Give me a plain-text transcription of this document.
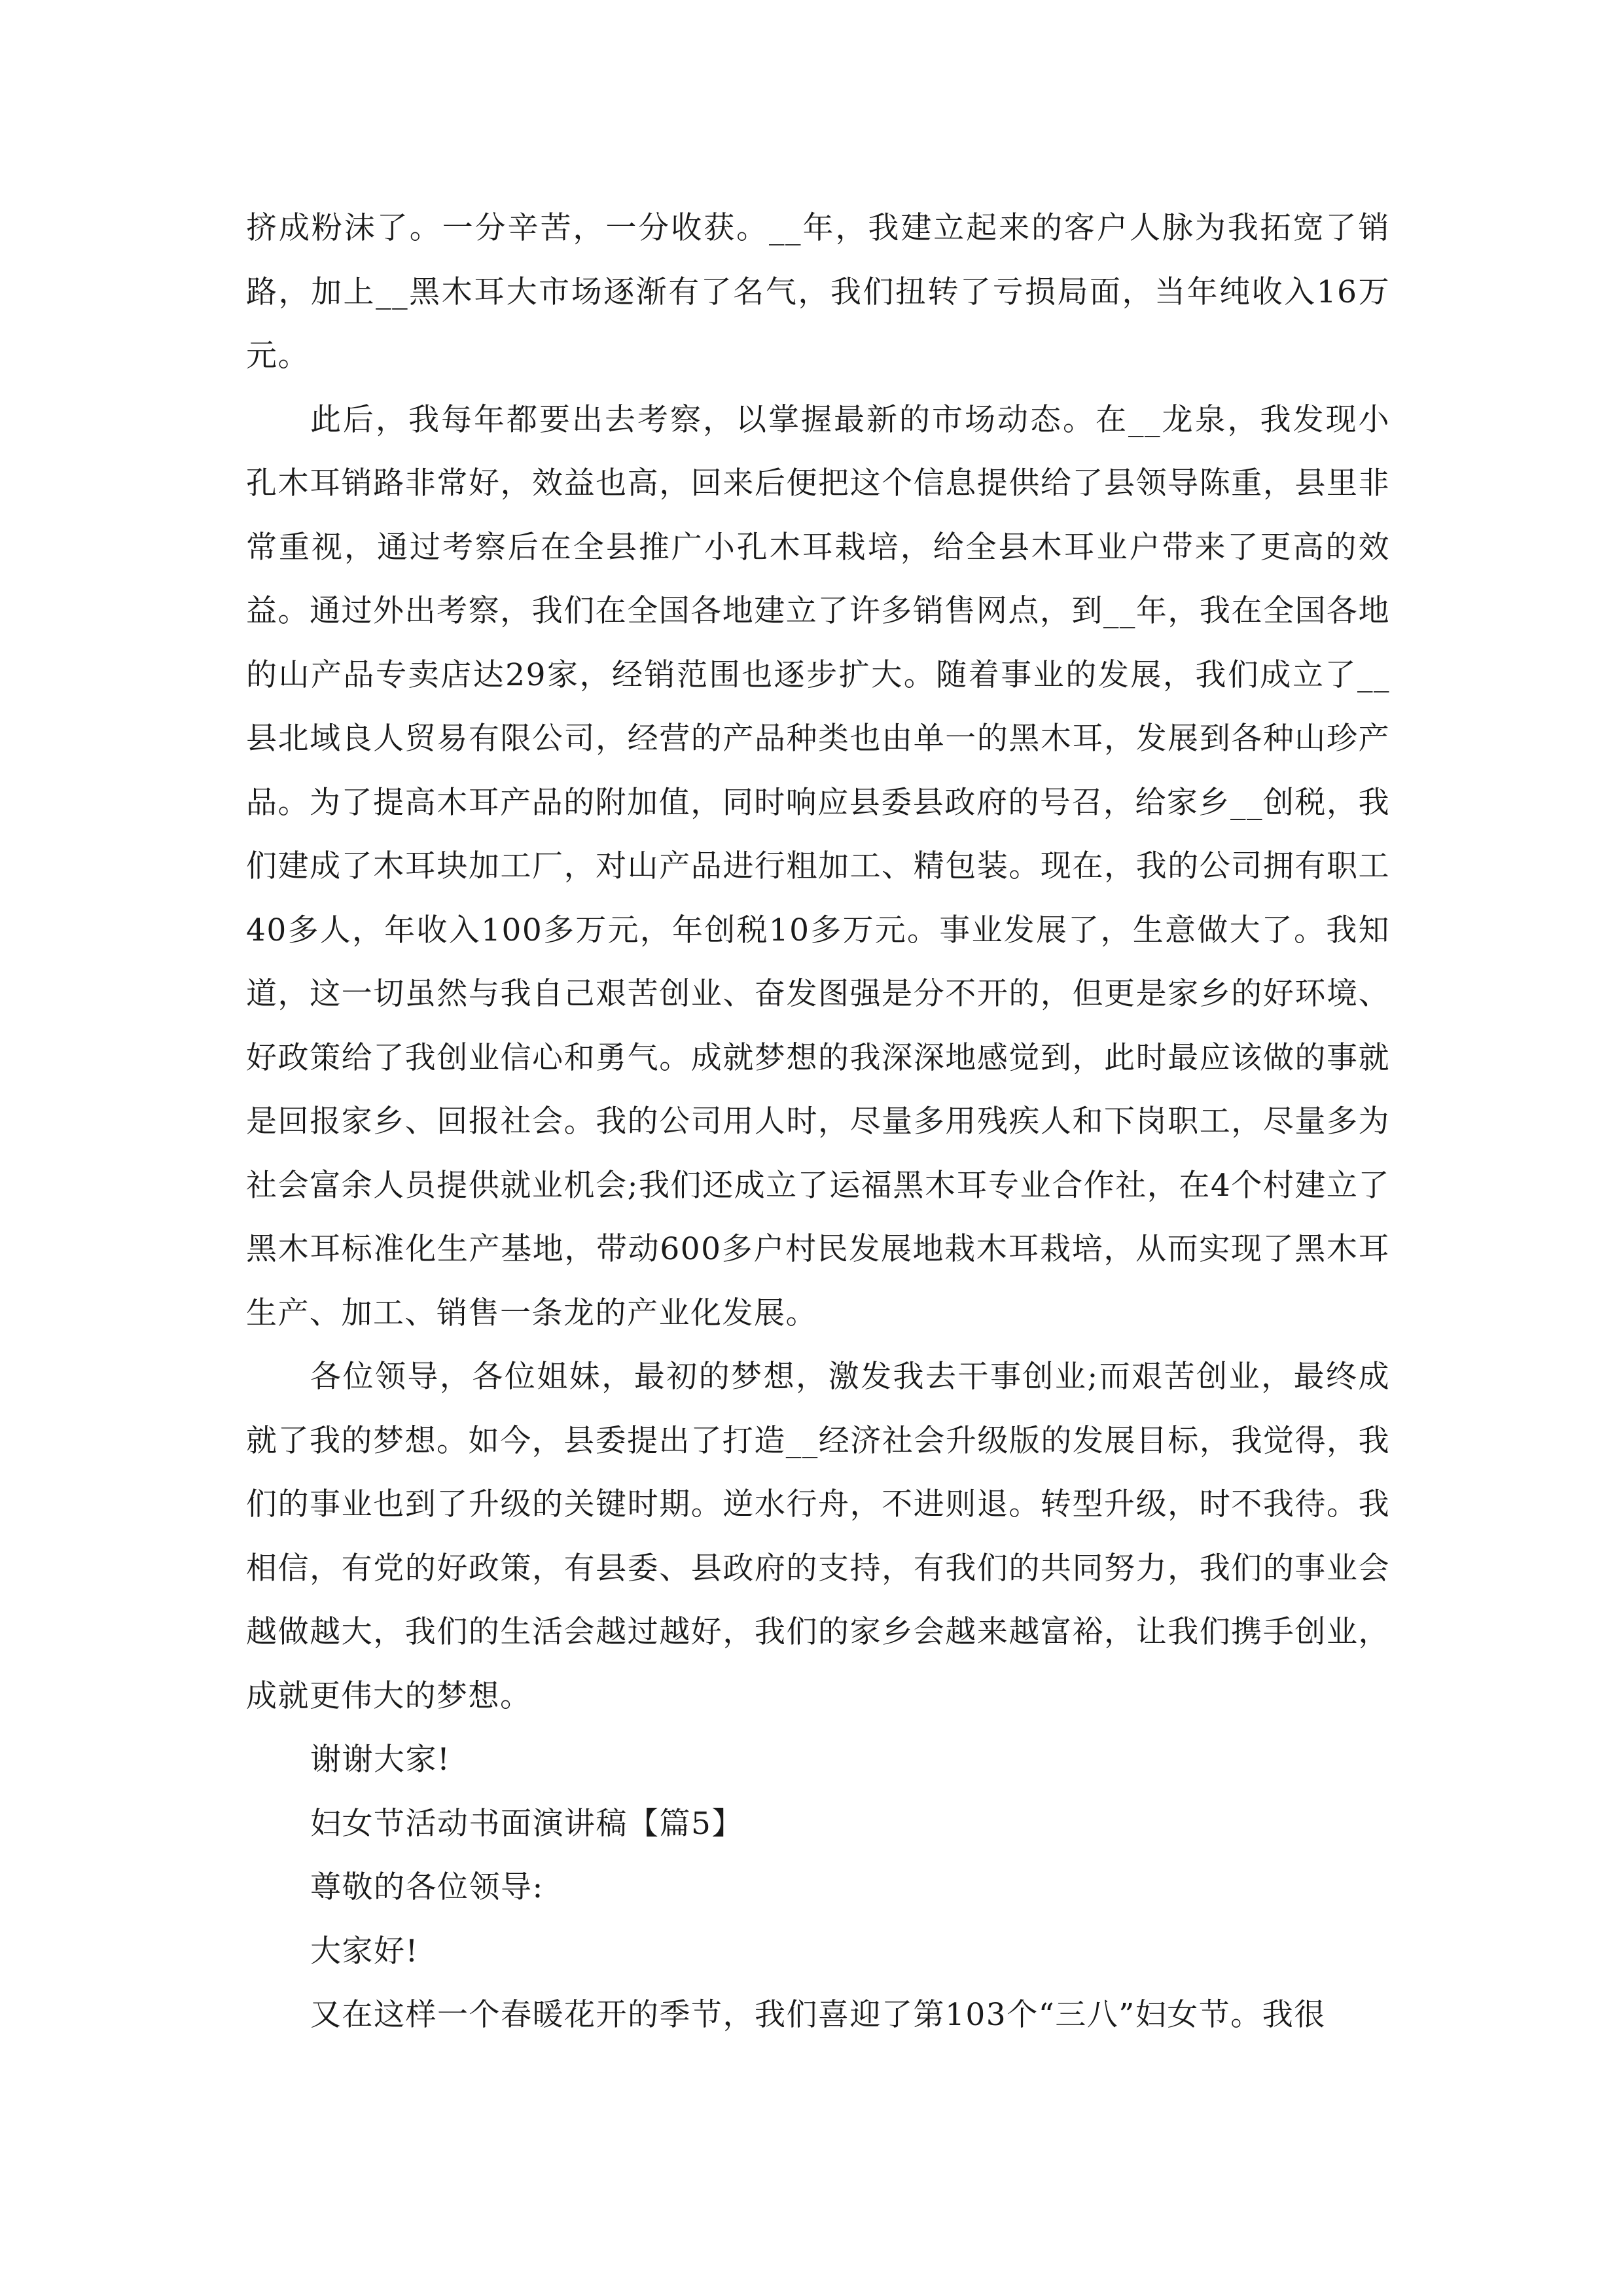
挤成粉沫了。一分辛苦，一分收获。__年，我建立起来的客户人脉为我拓宽了销路，加上__黑木耳大市场逐渐有了名气，我们扭转了亏损局面，当年纯收入16万元。

此后，我每年都要出去考察，以掌握最新的市场动态。在__龙泉，我发现小孔木耳销路非常好，效益也高，回来后便把这个信息提供给了县领导陈重，县里非常重视，通过考察后在全县推广小孔木耳栽培，给全县木耳业户带来了更高的效益。通过外出考察，我们在全国各地建立了许多销售网点，到__年，我在全国各地的山产品专卖店达29家，经销范围也逐步扩大。随着事业的发展，我们成立了__县北域良人贸易有限公司，经营的产品种类也由单一的黑木耳，发展到各种山珍产品。为了提高木耳产品的附加值，同时响应县委县政府的号召，给家乡__创税，我们建成了木耳块加工厂，对山产品进行粗加工、精包装。现在，我的公司拥有职工40多人，年收入100多万元，年创税10多万元。事业发展了，生意做大了。我知道，这一切虽然与我自己艰苦创业、奋发图强是分不开的，但更是家乡的好环境、好政策给了我创业信心和勇气。成就梦想的我深深地感觉到，此时最应该做的事就是回报家乡、回报社会。我的公司用人时，尽量多用残疾人和下岗职工，尽量多为社会富余人员提供就业机会;我们还成立了运福黑木耳专业合作社，在4个村建立了黑木耳标准化生产基地，带动600多户村民发展地栽木耳栽培，从而实现了黑木耳生产、加工、销售一条龙的产业化发展。

各位领导，各位姐妹，最初的梦想，激发我去干事创业;而艰苦创业，最终成就了我的梦想。如今，县委提出了打造__经济社会升级版的发展目标，我觉得，我们的事业也到了升级的关键时期。逆水行舟，不进则退。转型升级，时不我待。我相信，有党的好政策，有县委、县政府的支持，有我们的共同努力，我们的事业会越做越大，我们的生活会越过越好，我们的家乡会越来越富裕，让我们携手创业，成就更伟大的梦想。

谢谢大家!

妇女节活动书面演讲稿【篇5】

尊敬的各位领导:

大家好!

又在这样一个春暖花开的季节，我们喜迎了第103个“三八”妇女节。我很
